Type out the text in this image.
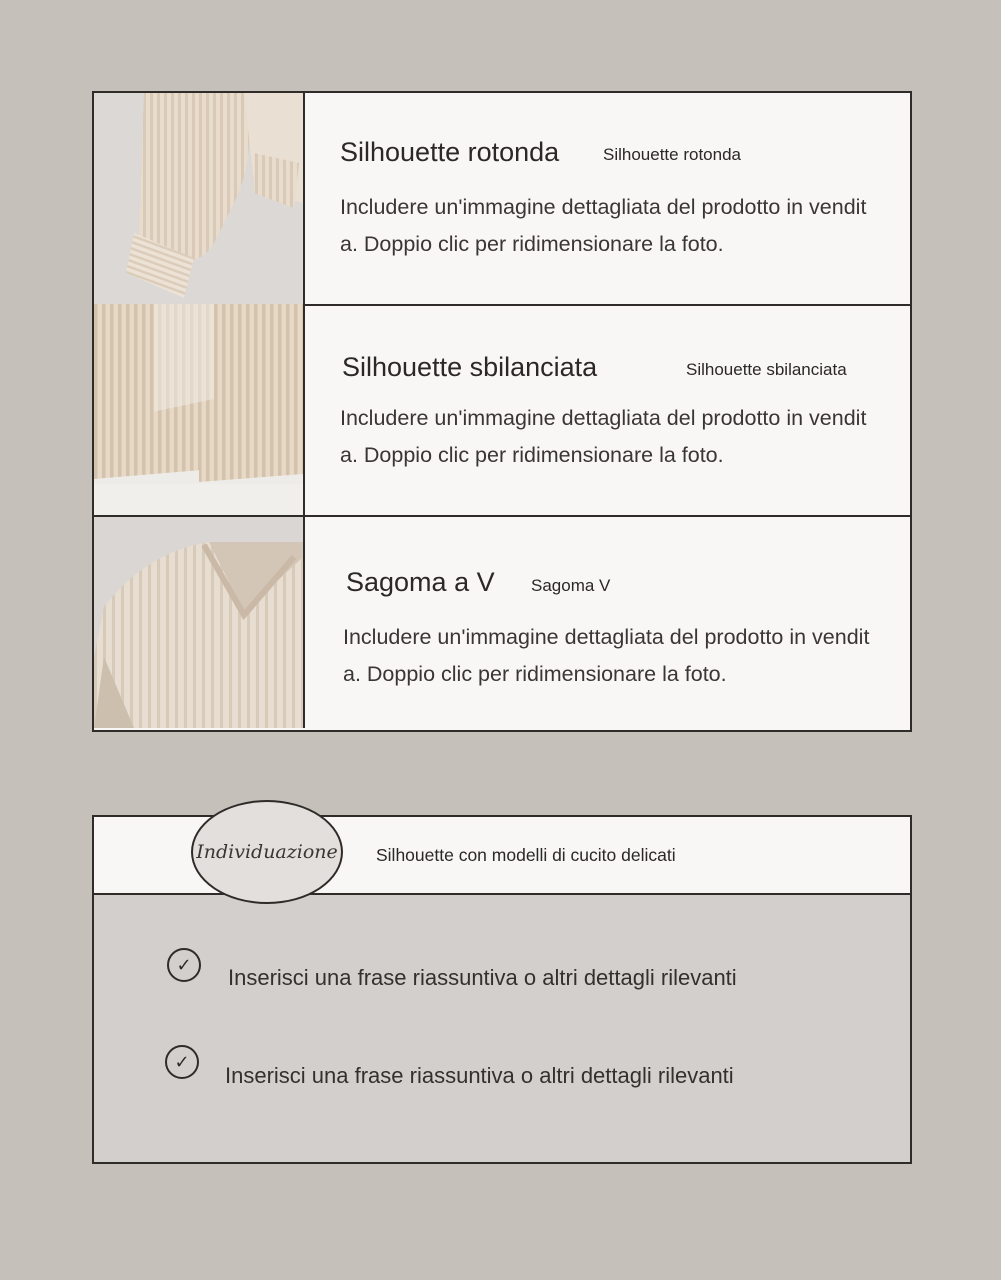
Silhouette rotonda	Silhouette rotonda
Includere un'immagine dettagliata del prodotto in vendita. Doppio clic per ridimensionare la foto.
Silhouette sbilanciata	Silhouette sbilanciata
Includere un'immagine dettagliata del prodotto in vendita. Doppio clic per ridimensionare la foto.
Sagoma a V Sagoma V
Includere un'immagine dettagliata del prodotto in vendita. Doppio clic per ridimensionare la foto.
Individuazione Silhouette con modelli di cucito delicati
✓
Inserisci una frase riassuntiva o altri dettagli rilevanti
✓
Inserisci una frase riassuntiva o altri dettagli rilevanti
